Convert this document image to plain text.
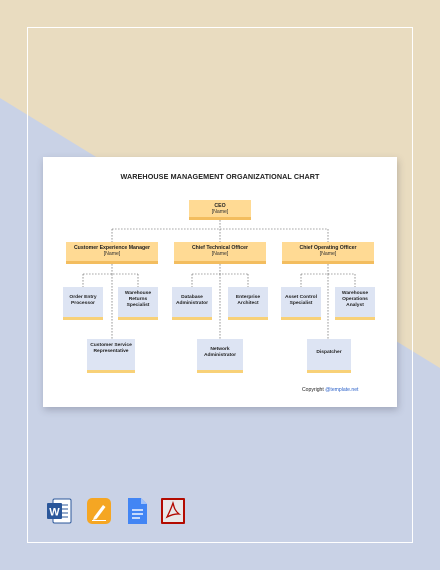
WAREHOUSE MANAGEMENT ORGANIZATIONAL CHART
CEO
[Name]
Customer Experience Manager
[Name]
Chief Technical Officer
[Name]
Chief Operating Officer
[Name]
Order Entry Processor
Warehouse Returns Specialist
Database Administrator
Enterprise Architect
Asset Control Specialist
Warehouse Operations Analyst
Customer Service Representative	Network Administrator
Dispatcher
Copyright @template.net
W
